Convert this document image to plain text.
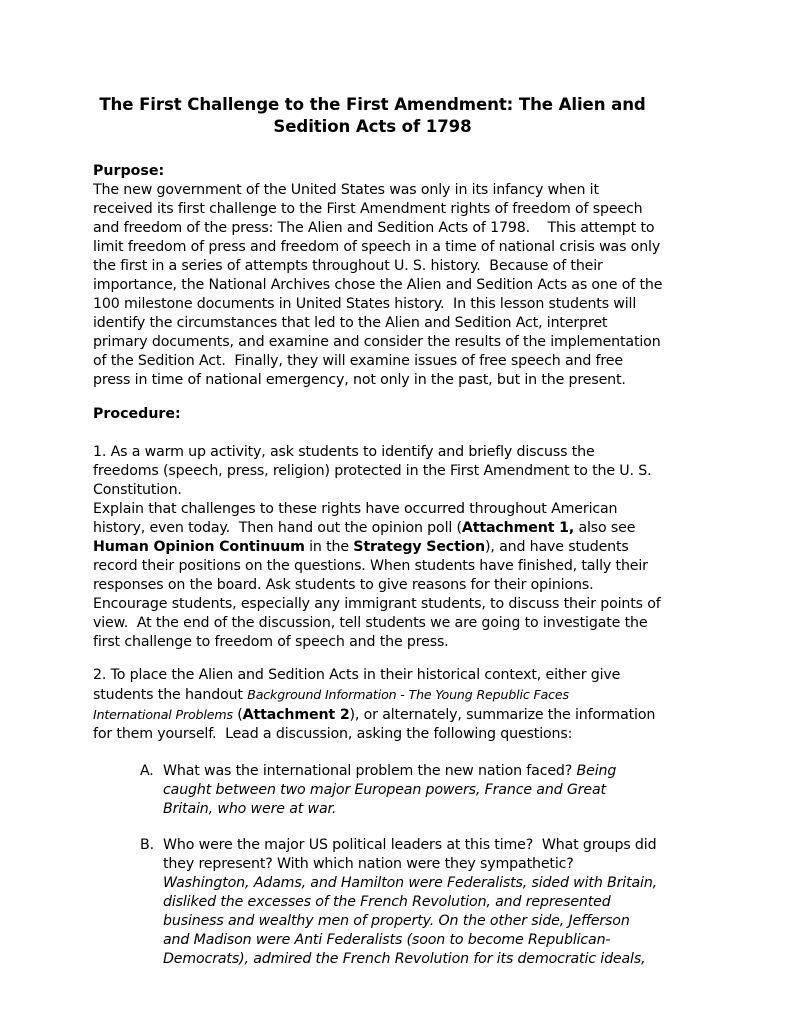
The First Challenge to the First Amendment: The Alien and
Sedition Acts of 1798
Purpose:
The new government of the United States was only in its infancy when it
received its first challenge to the First Amendment rights of freedom of speech
and freedom of the press: The Alien and Sedition Acts of 1798.    This attempt to
limit freedom of press and freedom of speech in a time of national crisis was only
the first in a series of attempts throughout U. S. history.  Because of their
importance, the National Archives chose the Alien and Sedition Acts as one of the
100 milestone documents in United States history.  In this lesson students will
identify the circumstances that led to the Alien and Sedition Act, interpret
primary documents, and examine and consider the results of the implementation
of the Sedition Act.  Finally, they will examine issues of free speech and free
press in time of national emergency, not only in the past, but in the present.
Procedure:
1. As a warm up activity, ask students to identify and briefly discuss the
freedoms (speech, press, religion) protected in the First Amendment to the U. S.
Constitution.
Explain that challenges to these rights have occurred throughout American
history, even today.  Then hand out the opinion poll (Attachment 1, also see
Human Opinion Continuum in the Strategy Section), and have students
record their positions on the questions. When students have finished, tally their
responses on the board. Ask students to give reasons for their opinions.
Encourage students, especially any immigrant students, to discuss their points of
view.  At the end of the discussion, tell students we are going to investigate the
first challenge to freedom of speech and the press.
2. To place the Alien and Sedition Acts in their historical context, either give
students the handout Background Information - The Young Republic Faces
International Problems (Attachment 2), or alternately, summarize the information
for them yourself.  Lead a discussion, asking the following questions:
A. What was the international problem the new nation faced? Being
caught between two major European powers, France and Great
Britain, who were at war.
B. Who were the major US political leaders at this time?  What groups did
they represent? With which nation were they sympathetic?
Washington, Adams, and Hamilton were Federalists, sided with Britain,
disliked the excesses of the French Revolution, and represented
business and wealthy men of property. On the other side, Jefferson
and Madison were Anti Federalists (soon to become Republican-
Democrats), admired the French Revolution for its democratic ideals,
